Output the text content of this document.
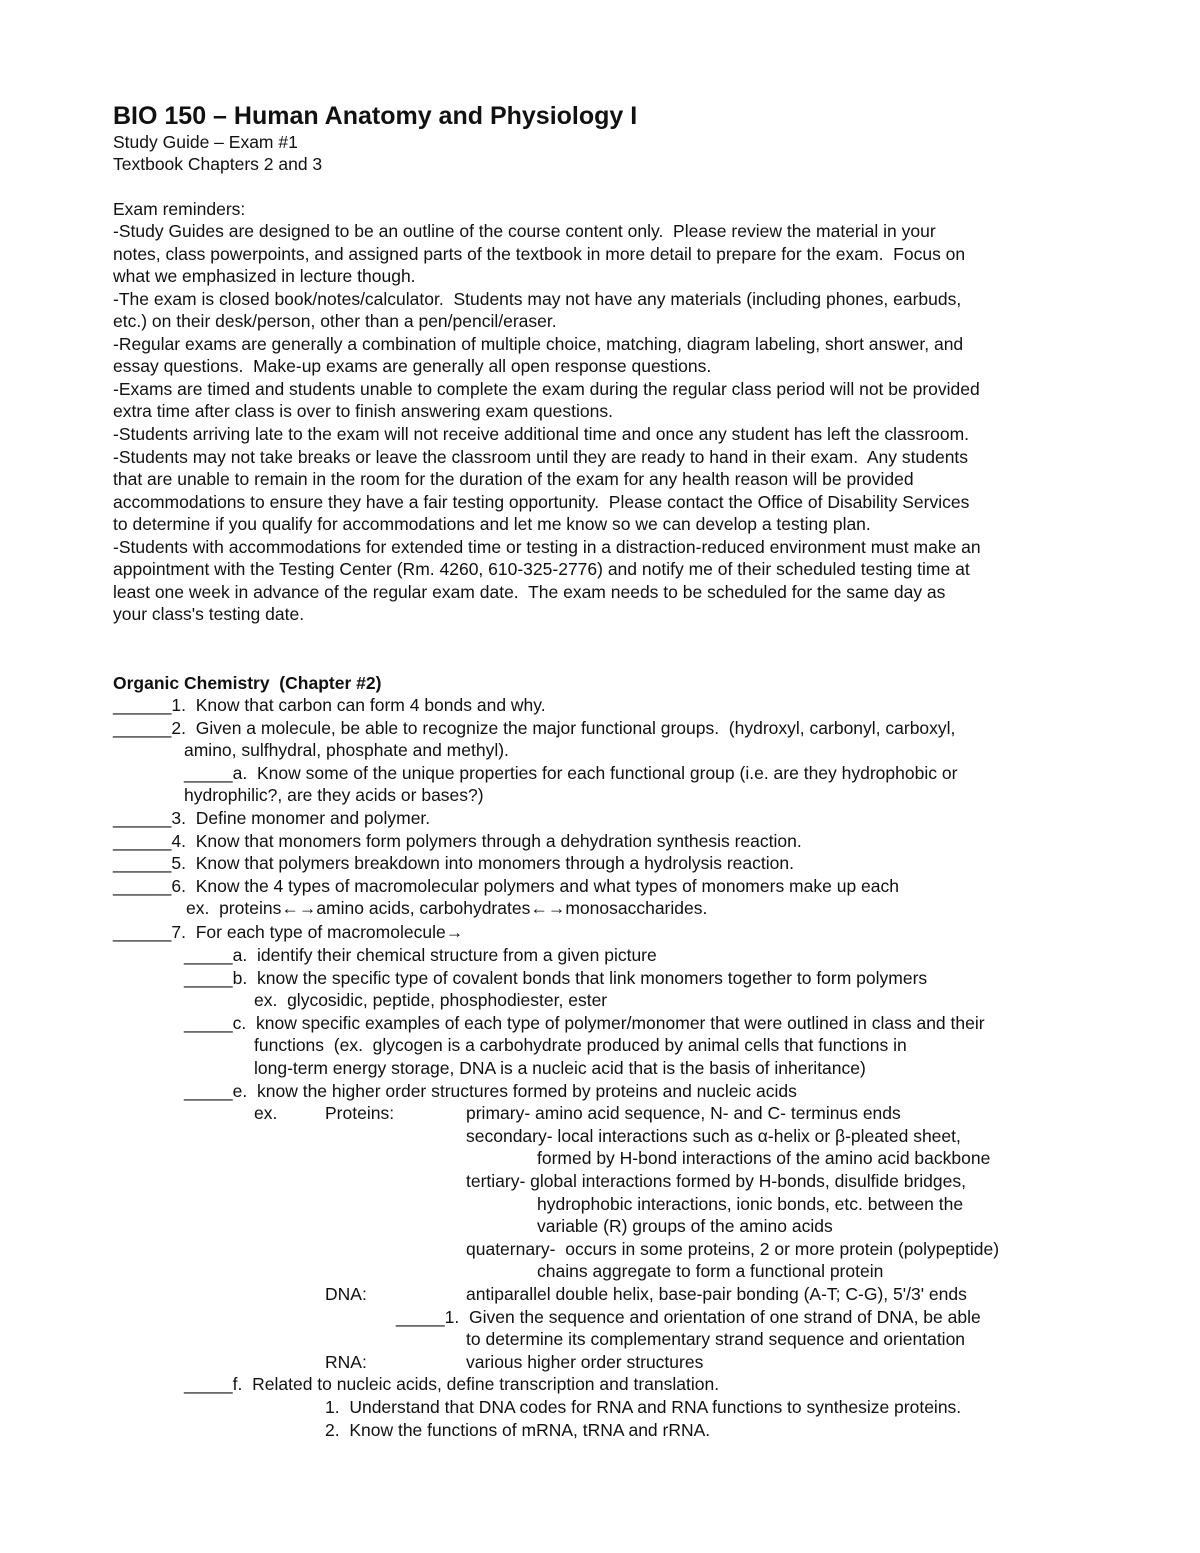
BIO 150 – Human Anatomy and Physiology I
Study Guide – Exam #1
Textbook Chapters 2 and 3
Exam reminders:
-Study Guides are designed to be an outline of the course content only.  Please review the material in your
notes, class powerpoints, and assigned parts of the textbook in more detail to prepare for the exam.  Focus on
what we emphasized in lecture though.
-The exam is closed book/notes/calculator.  Students may not have any materials (including phones, earbuds,
etc.) on their desk/person, other than a pen/pencil/eraser.
-Regular exams are generally a combination of multiple choice, matching, diagram labeling, short answer, and
essay questions.  Make-up exams are generally all open response questions.
-Exams are timed and students unable to complete the exam during the regular class period will not be provided
extra time after class is over to finish answering exam questions.
-Students arriving late to the exam will not receive additional time and once any student has left the classroom.
-Students may not take breaks or leave the classroom until they are ready to hand in their exam.  Any students
that are unable to remain in the room for the duration of the exam for any health reason will be provided
accommodations to ensure they have a fair testing opportunity.  Please contact the Office of Disability Services
to determine if you qualify for accommodations and let me know so we can develop a testing plan.
-Students with accommodations for extended time or testing in a distraction-reduced environment must make an
appointment with the Testing Center (Rm. 4260, 610-325-2776) and notify me of their scheduled testing time at
least one week in advance of the regular exam date.  The exam needs to be scheduled for the same day as
your class's testing date.
Organic Chemistry  (Chapter #2)
______1.  Know that carbon can form 4 bonds and why.
______2.  Given a molecule, be able to recognize the major functional groups.  (hydroxyl, carbonyl, carboxyl,
amino, sulfhydral, phosphate and methyl).
_____a.  Know some of the unique properties for each functional group (i.e. are they hydrophobic or
hydrophilic?, are they acids or bases?)
______3.  Define monomer and polymer.
______4.  Know that monomers form polymers through a dehydration synthesis reaction.
______5.  Know that polymers breakdown into monomers through a hydrolysis reaction.
______6.  Know the 4 types of macromolecular polymers and what types of monomers make up each
ex.  proteins←→amino acids, carbohydrates←→monosaccharides.
______7.  For each type of macromolecule→
_____a.  identify their chemical structure from a given picture
_____b.  know the specific type of covalent bonds that link monomers together to form polymers
ex.  glycosidic, peptide, phosphodiester, ester
_____c.  know specific examples of each type of polymer/monomer that were outlined in class and their
functions  (ex.  glycogen is a carbohydrate produced by animal cells that functions in
long-term energy storage, DNA is a nucleic acid that is the basis of inheritance)
_____e.  know the higher order structures formed by proteins and nucleic acids
ex.	Proteins:	primary- amino acid sequence, N- and C- terminus ends
secondary- local interactions such as α-helix or β-pleated sheet,
formed by H-bond interactions of the amino acid backbone
tertiary- global interactions formed by H-bonds, disulfide bridges,
hydrophobic interactions, ionic bonds, etc. between the
variable (R) groups of the amino acids
quaternary-  occurs in some proteins, 2 or more protein (polypeptide)
chains aggregate to form a functional protein
DNA:	antiparallel double helix, base-pair bonding (A-T; C-G), 5'/3' ends
_____1.  Given the sequence and orientation of one strand of DNA, be able
to determine its complementary strand sequence and orientation
RNA:	various higher order structures
_____f.  Related to nucleic acids, define transcription and translation.
1.  Understand that DNA codes for RNA and RNA functions to synthesize proteins.
2.  Know the functions of mRNA, tRNA and rRNA.
